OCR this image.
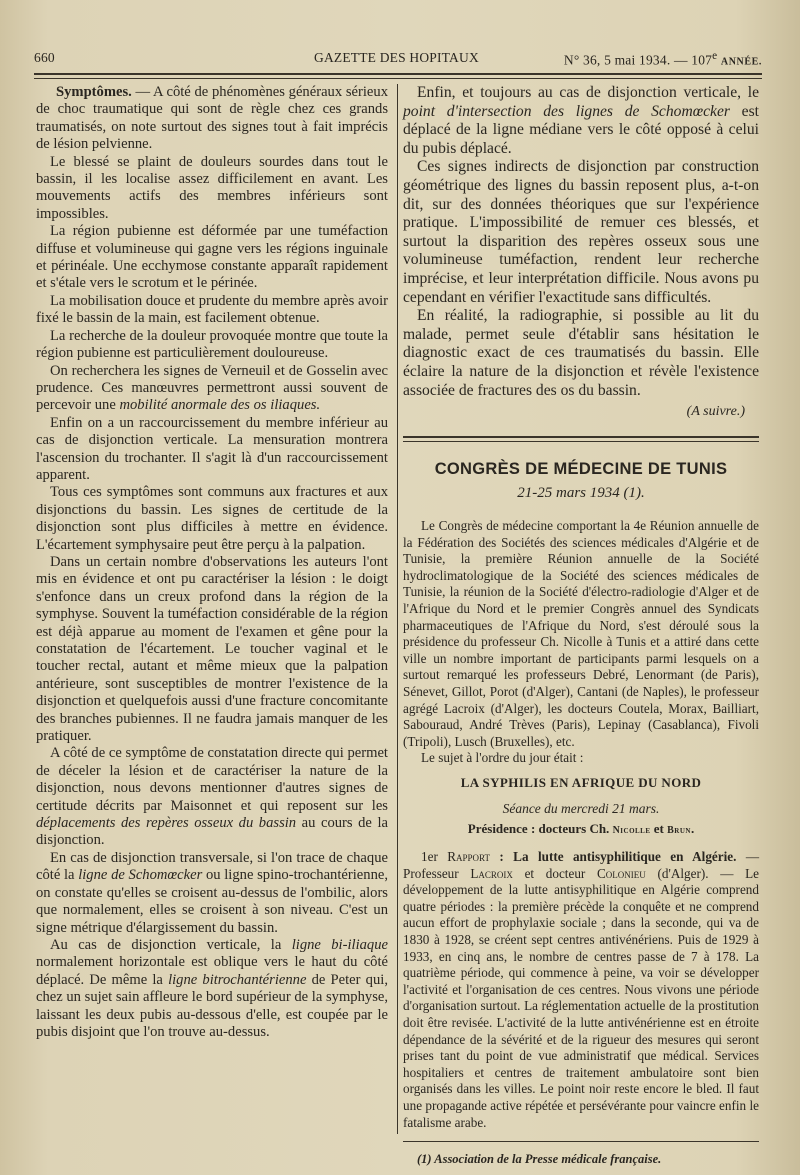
660	GAZETTE DES HOPITAUX	N° 36, 5 mai 1934. — 107e ANNÉE.

Symptômes. — A côté de phénomènes généraux sérieux de choc traumatique qui sont de règle chez ces grands traumatisés, on note surtout des signes tout à fait imprécis de lésion pelvienne.

Le blessé se plaint de douleurs sourdes dans tout le bassin, il les localise assez difficilement en avant. Les mouvements actifs des membres inférieurs sont impossibles.

La région pubienne est déformée par une tuméfaction diffuse et volumineuse qui gagne vers les régions inguinale et périnéale. Une ecchymose constante apparaît rapidement et s'étale vers le scrotum et le périnée.

La mobilisation douce et prudente du membre après avoir fixé le bassin de la main, est facilement obtenue.

La recherche de la douleur provoquée montre que toute la région pubienne est particulièrement douloureuse.

On recherchera les signes de Verneuil et de Gosselin avec prudence. Ces manœuvres permettront aussi souvent de percevoir une mobilité anormale des os iliaques.

Enfin on a un raccourcissement du membre inférieur au cas de disjonction verticale. La mensuration montrera l'ascension du trochanter. Il s'agit là d'un raccourcissement apparent.

Tous ces symptômes sont communs aux fractures et aux disjonctions du bassin. Les signes de certitude de la disjonction sont plus difficiles à mettre en évidence. L'écartement symphysaire peut être perçu à la palpation.

Dans un certain nombre d'observations les auteurs l'ont mis en évidence et ont pu caractériser la lésion : le doigt s'enfonce dans un creux profond dans la région de la symphyse. Souvent la tuméfaction considérable de la région est déjà apparue au moment de l'examen et gêne pour la constatation de l'écartement. Le toucher vaginal et le toucher rectal, autant et même mieux que la palpation antérieure, sont susceptibles de montrer l'existence de la disjonction et quelquefois aussi d'une fracture concomitante des branches pubiennes. Il ne faudra jamais manquer de les pratiquer.

A côté de ce symptôme de constatation directe qui permet de déceler la lésion et de caractériser la nature de la disjonction, nous devons mentionner d'autres signes de certitude décrits par Maisonnet et qui reposent sur les déplacements des repères osseux du bassin au cours de la disjonction.

En cas de disjonction transversale, si l'on trace de chaque côté la ligne de Schomœcker ou ligne spino-trochantérienne, on constate qu'elles se croisent au-dessus de l'ombilic, alors que normalement, elles se croisent à son niveau. C'est un signe métrique d'élargissement du bassin.

Au cas de disjonction verticale, la ligne bi-iliaque normalement horizontale est oblique vers le haut du côté déplacé. De même la ligne bitrochantérienne de Peter qui, chez un sujet sain affleure le bord supérieur de la symphyse, laissant les deux pubis au-dessous d'elle, est coupée par le pubis disjoint que l'on trouve au-dessus.

Enfin, et toujours au cas de disjonction verticale, le point d'intersection des lignes de Schomœcker est déplacé de la ligne médiane vers le côté opposé à celui du pubis déplacé.

Ces signes indirects de disjonction par construction géométrique des lignes du bassin reposent plus, a-t-on dit, sur des données théoriques que sur l'expérience pratique. L'impossibilité de remuer ces blessés, et surtout la disparition des repères osseux sous une volumineuse tuméfaction, rendent leur recherche imprécise, et leur interprétation difficile. Nous avons pu cependant en vérifier l'exactitude sans difficultés.

En réalité, la radiographie, si possible au lit du malade, permet seule d'établir sans hésitation le diagnostic exact de ces traumatisés du bassin. Elle éclaire la nature de la disjonction et révèle l'existence associée de fractures des os du bassin.

(A suivre.)

CONGRÈS DE MÉDECINE DE TUNIS
21-25 mars 1934 (1).

Le Congrès de médecine comportant la 4e Réunion annuelle de la Fédération des Sociétés des sciences médicales d'Algérie et de Tunisie, la première Réunion annuelle de la Société hydroclimatologique de la Société des sciences médicales de Tunisie, la réunion de la Société d'électro-radiologie d'Alger et de l'Afrique du Nord et le premier Congrès annuel des Syndicats pharmaceutiques de l'Afrique du Nord, s'est déroulé sous la présidence du professeur Ch. Nicolle à Tunis et a attiré dans cette ville un nombre important de participants parmi lesquels on a surtout remarqué les professeurs Debré, Lenormant (de Paris), Sénevet, Gillot, Porot (d'Alger), Cantani (de Naples), le professeur agrégé Lacroix (d'Alger), les docteurs Coutela, Morax, Bailliart, Sabouraud, André Trèves (Paris), Lepinay (Casablanca), Fivoli (Tripoli), Lusch (Bruxelles), etc.

Le sujet à l'ordre du jour était :

LA SYPHILIS EN AFRIQUE DU NORD
Séance du mercredi 21 mars.
Présidence : docteurs Ch. Nicolle et Brun.

1er Rapport : La lutte antisyphilitique en Algérie. — Professeur Lacroix et docteur Colonieu (d'Alger). — Le développement de la lutte antisyphilitique en Algérie comprend quatre périodes : la première précède la conquête et ne comprend aucun effort de prophylaxie sociale ; dans la seconde, qui va de 1830 à 1928, se créent sept centres antivénériens. Puis de 1929 à 1933, en cinq ans, le nombre de centres passe de 7 à 178. La quatrième période, qui commence à peine, va voir se développer l'activité et l'organisation de ces centres. Nous vivons une période d'organisation surtout. La réglementation actuelle de la prostitution doit être revisée. L'activité de la lutte antivénérienne est en étroite dépendance de la sévérité et de la rigueur des mesures qui seront prises tant du point de vue administratif que médical. Services hospitaliers et centres de traitement ambulatoire sont bien organisés dans les villes. Le point noir reste encore le bled. Il faut une propagande active répétée et persévérante pour vaincre enfin le fatalisme arabe.

(1) Association de la Presse médicale française.
